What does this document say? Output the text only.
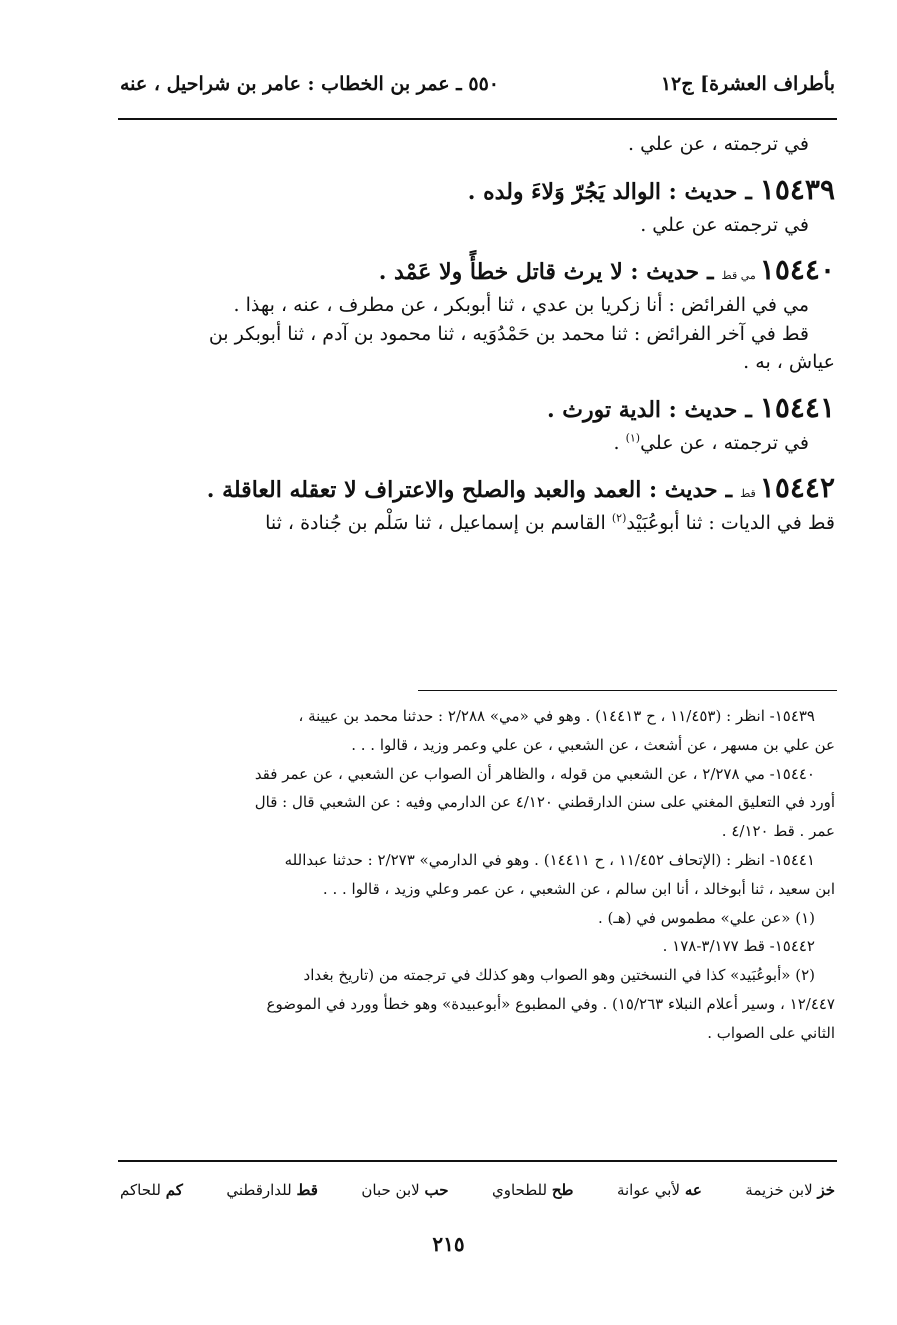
بأطراف العشرة] ج١٢
٥٥٠ ـ عمر بن الخطاب : عامر بن شراحيل ، عنه
في ترجمته ، عن علي .
١٥٤٣٩
ـ
حديث : الوالد يَجُرّ وَلاءَ ولده .
في ترجمته عن علي .
١٥٤٤٠
مي قط
ـ
حديث : لا يرث قاتل خطأً ولا عَمْد .
مي في الفرائض : أنا زكريا بن عدي ، ثنا أبوبكر ، عن مطرف ، عنه ، بهذا .
قط في آخر الفرائض : ثنا محمد بن حَمْدُوَيه ، ثنا محمود بن آدم ، ثنا أبوبكر بن
عياش ، به .
١٥٤٤١
ـ
حديث : الدية تورث .
في ترجمته ، عن علي$^{(١)}$ .
١٥٤٤٢
قط
ـ
حديث : العمد والعبد والصلح والاعتراف لا تعقله العاقلة .
قط في الديات : ثنا أبوعُبَيْد$^{(٢)}$ القاسم بن إسماعيل ، ثنا سَلْم بن جُنادة ، ثنا
١٥٤٣٩- انظر : (١١/٤٥٣ ، ح ١٤٤١٣) . وهو في «مي» ٢/٢٨٨ : حدثنا محمد بن عيينة ،
عن علي بن مسهر ، عن أشعث ، عن الشعبي ، عن علي وعمر وزيد ، قالوا . . .
١٥٤٤٠- مي ٢/٢٧٨ ، عن الشعبي من قوله ، والظاهر أن الصواب عن الشعبي ، عن عمر فقد
أورد في التعليق المغني على سنن الدارقطني ٤/١٢٠ عن الدارمي وفيه : عن الشعبي قال : قال
عمر . قط ٤/١٢٠ .
١٥٤٤١- انظر : (الإتحاف ١١/٤٥٢ ، ح ١٤٤١١) . وهو في الدارمي» ٢/٢٧٣ : حدثنا عبدالله
ابن سعيد ، ثنا أبوخالد ، أنا ابن سالم ، عن الشعبي ، عن عمر وعلي وزيد ، قالوا . . .
(١) «عن علي» مطموس في (هـ) .
١٥٤٤٢- قط ٣/١٧٧-١٧٨ .
(٢) «أبوعُبَيد» كذا في النسختين وهو الصواب وهو كذلك في ترجمته من (تاريخ بغداد
١٢/٤٤٧ ، وسير أعلام النبلاء ١٥/٢٦٣) . وفي المطبوع «أبوعبيدة» وهو خطأ وورد في الموضوع
الثاني على الصواب .
خز لابن خزيمة
عه لأبي عوانة
طح للطحاوي
حب لابن حبان
قط للدارقطني
كم للحاكم
٢١٥
